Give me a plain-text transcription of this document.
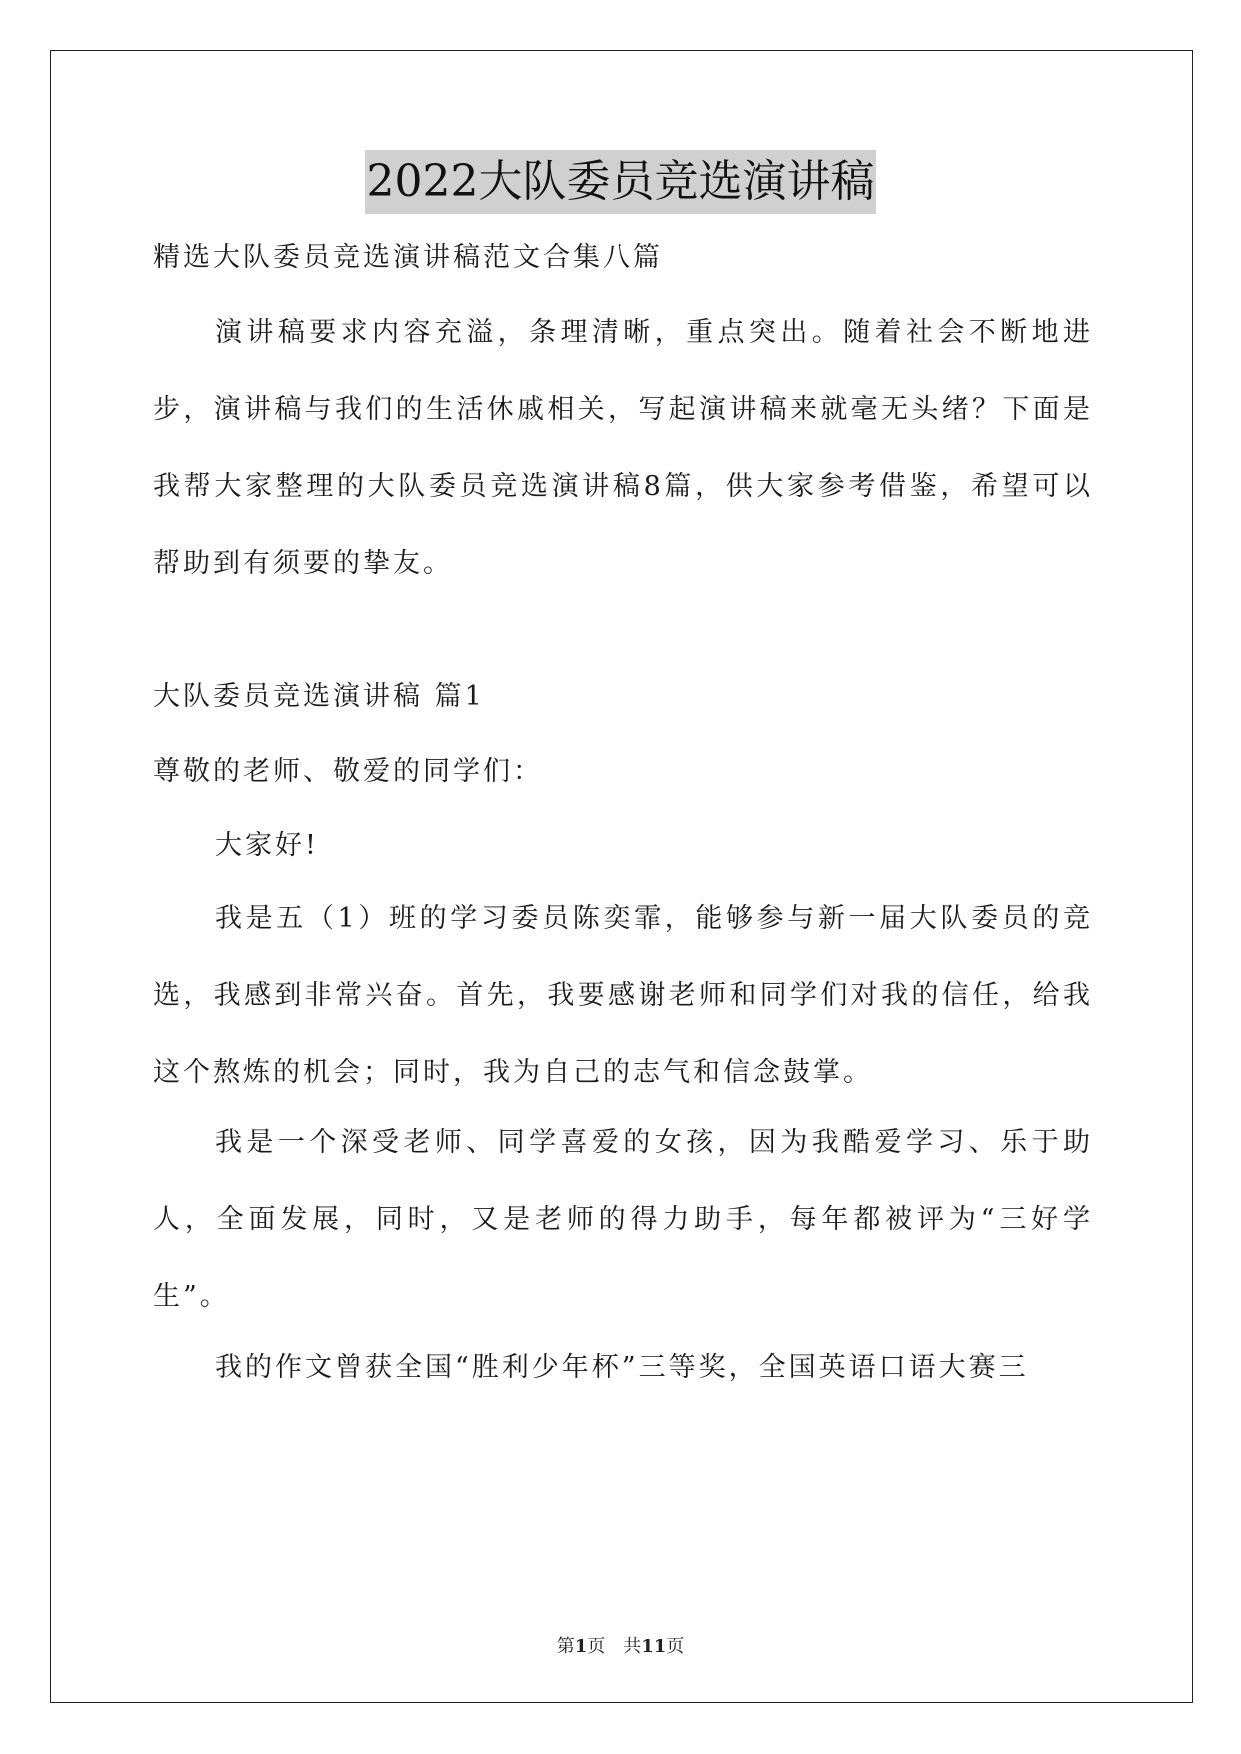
2022大队委员竞选演讲稿
精选大队委员竞选演讲稿范文合集八篇
演讲稿要求内容充溢，条理清晰，重点突出。随着社会不断地进步，演讲稿与我们的生活休戚相关，写起演讲稿来就毫无头绪？下面是我帮大家整理的大队委员竞选演讲稿8篇，供大家参考借鉴，希望可以帮助到有须要的挚友。
大队委员竞选演讲稿 篇1
尊敬的老师、敬爱的同学们：
大家好!
我是五（1）班的学习委员陈奕霏，能够参与新一届大队委员的竞选，我感到非常兴奋。首先，我要感谢老师和同学们对我的信任，给我这个熬炼的机会；同时，我为自己的志气和信念鼓掌。
我是一个深受老师、同学喜爱的女孩，因为我酷爱学习、乐于助人，全面发展，同时，又是老师的得力助手，每年都被评为“三好学生”。
我的作文曾获全国“胜利少年杯”三等奖，全国英语口语大赛三
第1页 共11页
